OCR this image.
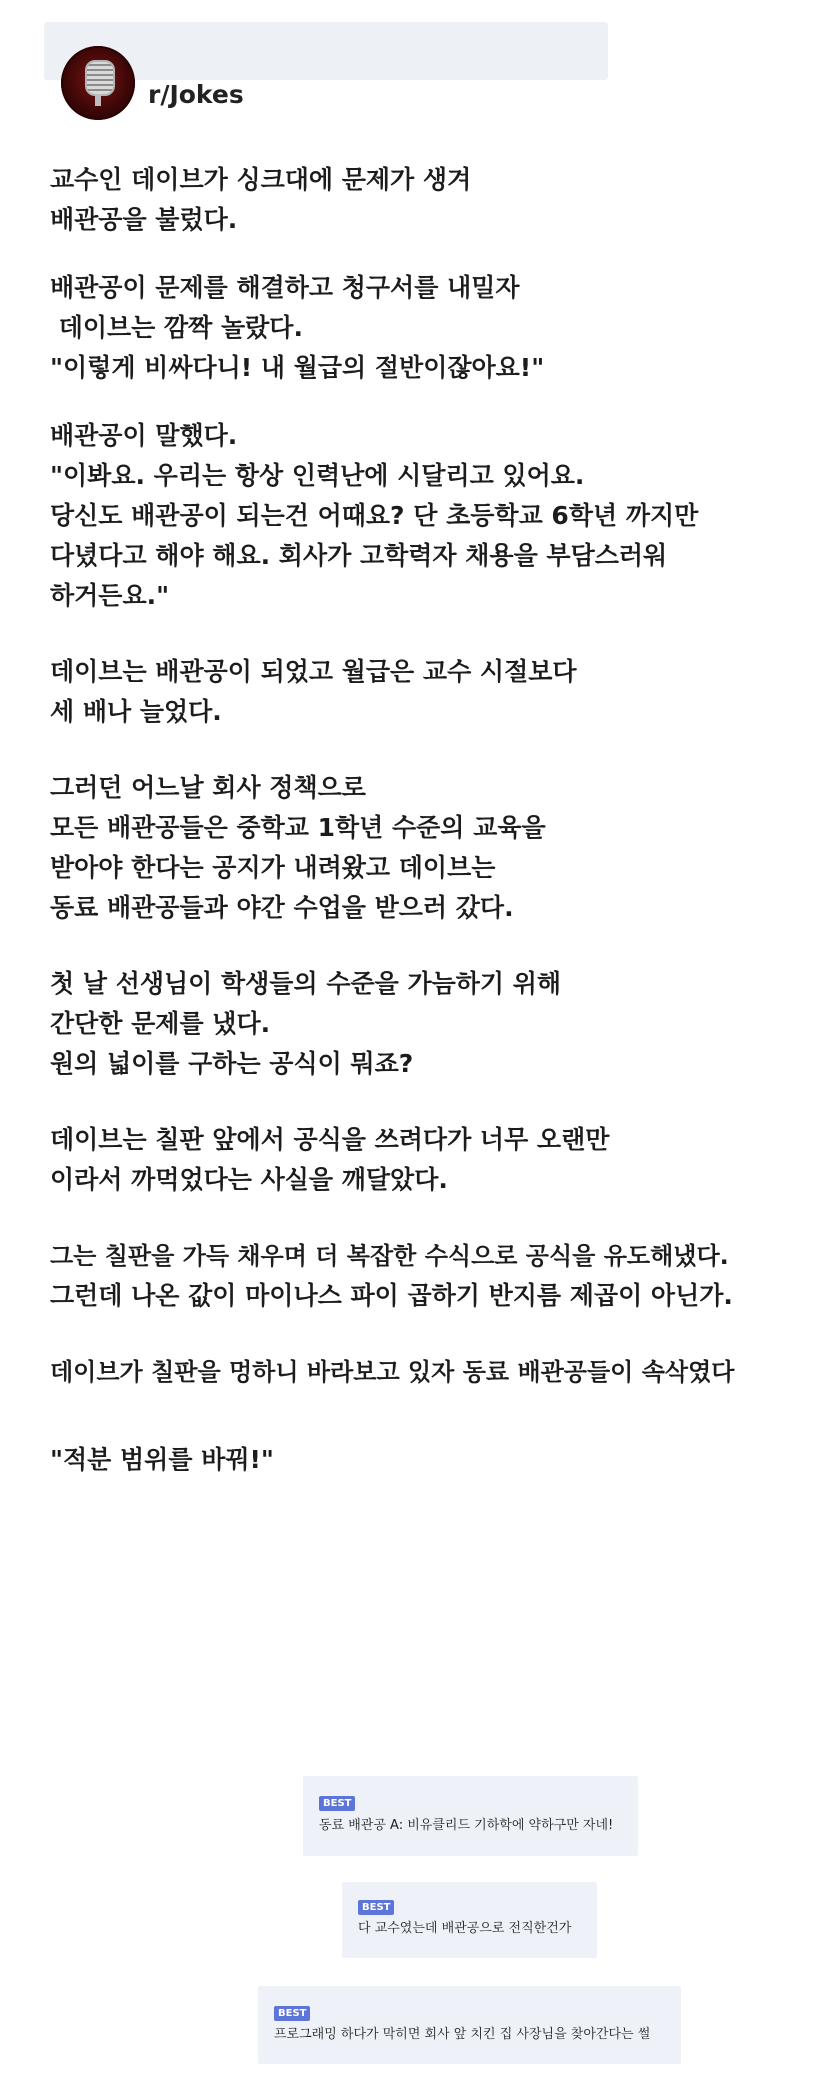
r/Jokes
교수인 데이브가 싱크대에 문제가 생겨
배관공을 불렀다.
배관공이 문제를 해결하고 청구서를 내밀자
데이브는 깜짝 놀랐다.
"이렇게 비싸다니! 내 월급의 절반이잖아요!"
배관공이 말했다.
"이봐요. 우리는 항상 인력난에 시달리고 있어요.
당신도 배관공이 되는건 어때요? 단 초등학교 6학년 까지만
다녔다고 해야 해요. 회사가 고학력자 채용을 부담스러워
하거든요."
데이브는 배관공이 되었고 월급은 교수 시절보다
세 배나 늘었다.
그러던 어느날 회사 정책으로
모든 배관공들은 중학교 1학년 수준의 교육을
받아야 한다는 공지가 내려왔고 데이브는
동료 배관공들과 야간 수업을 받으러 갔다.
첫 날 선생님이 학생들의 수준을 가늠하기 위해
간단한 문제를 냈다.
원의 넓이를 구하는 공식이 뭐죠?
데이브는 칠판 앞에서 공식을 쓰려다가 너무 오랜만
이라서 까먹었다는 사실을 깨달았다.
그는 칠판을 가득 채우며 더 복잡한 수식으로 공식을 유도해냈다.
그런데 나온 값이 마이나스 파이 곱하기 반지름 제곱이 아닌가.
데이브가 칠판을 멍하니 바라보고 있자 동료 배관공들이 속삭였다
"적분 범위를 바꿔!"
BEST
동료 배관공 A: 비유클리드 기하학에 약하구만 자네!
BEST
다 교수였는데 배관공으로 전직한건가
BEST
프로그래밍 하다가 막히면 회사 앞 치킨 집 사장님을 찾아간다는 썰
